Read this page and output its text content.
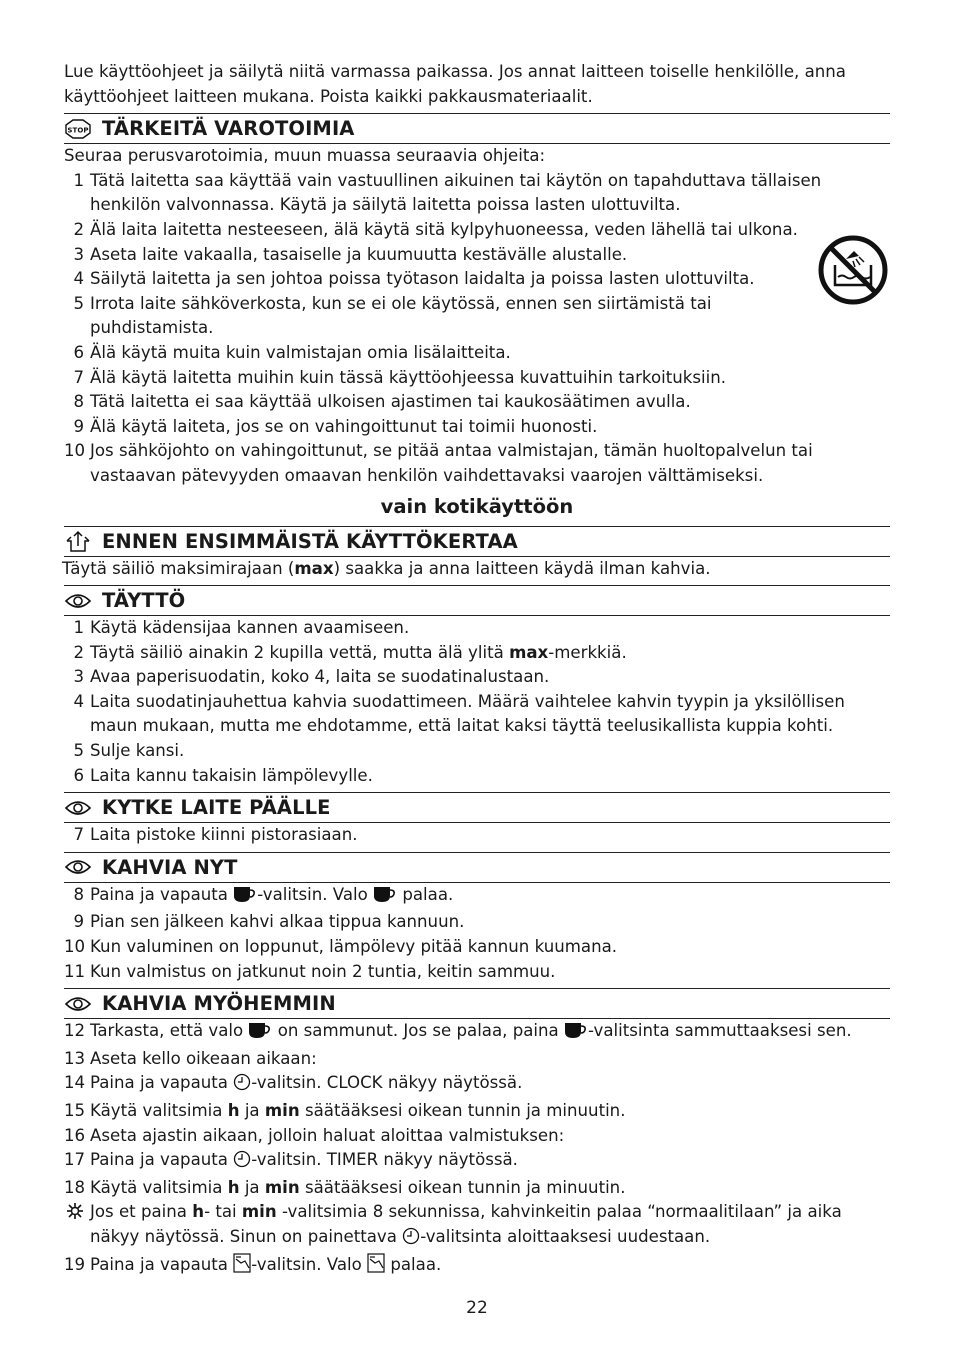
Lue käyttöohjeet ja säilytä niitä varmassa paikassa. Jos annat laitteen toiselle henkilölle, anna käyttöohjeet laitteen mukana. Poista kaikki pakkausmateriaalit.

STOP TÄRKEITÄ VAROTOIMIA

Seuraa perusvarotoimia, muun muassa seuraavia ohjeita:

1 Tätä laitetta saa käyttää vain vastuullinen aikuinen tai käytön on tapahduttava tällaisen henkilön valvonnassa. Käytä ja säilytä laitetta poissa lasten ulottuvilta.
2 Älä laita laitetta nesteeseen, älä käytä sitä kylpyhuoneessa, veden lähellä tai ulkona.
3 Aseta laite vakaalla, tasaiselle ja kuumuutta kestävälle alustalle.
4 Säilytä laitetta ja sen johtoa poissa työtason laidalta ja poissa lasten ulottuvilta.
5 Irrota laite sähköverkosta, kun se ei ole käytössä, ennen sen siirtämistä tai puhdistamista.
6 Älä käytä muita kuin valmistajan omia lisälaitteita.
7 Älä käytä laitetta muihin kuin tässä käyttöohjeessa kuvattuihin tarkoituksiin.
8 Tätä laitetta ei saa käyttää ulkoisen ajastimen tai kaukosäätimen avulla.
9 Älä käytä laiteta, jos se on vahingoittunut tai toimii huonosti.
10 Jos sähköjohto on vahingoittunut, se pitää antaa valmistajan, tämän huoltopalvelun tai vastaavan pätevyyden omaavan henkilön vaihdettavaksi vaarojen välttämiseksi.
vain kotikäyttöön
ENNEN ENSIMMÄISTÄ KÄYTTÖKERTAA

Täytä säiliö maksimirajaan (max) saakka ja anna laitteen käydä ilman kahvia.

TÄYTTÖ
1 Käytä kädensijaa kannen avaamiseen.
2 Täytä säiliö ainakin 2 kupilla vettä, mutta älä ylitä max-merkkiä.
3 Avaa paperisuodatin, koko 4, laita se suodatinalustaan.
4 Laita suodatinjauhettua kahvia suodattimeen. Määrä vaihtelee kahvin tyypin ja yksilöllisen maun mukaan, mutta me ehdotamme, että laitat kaksi täyttä teelusikallista kuppia kohti.
5 Sulje kansi.
6 Laita kannu takaisin lämpölevylle.
KYTKE LAITE PÄÄLLE
7 Laita pistoke kiinni pistorasiaan.
KAHVIA NYT
8 Paina ja vapauta -valitsin. Valo  palaa.
9 Pian sen jälkeen kahvi alkaa tippua kannuun.
10 Kun valuminen on loppunut, lämpölevy pitää kannun kuumana.
11 Kun valmistus on jatkunut noin 2 tuntia, keitin sammuu.
KAHVIA MYÖHEMMIN
12 Tarkasta, että valo  on sammunut. Jos se palaa, paina -valitsinta sammuttaaksesi sen.
13 Aseta kello oikeaan aikaan:
14 Paina ja vapauta -valitsin. CLOCK näkyy näytössä.
15 Käytä valitsimia h ja min säätääksesi oikean tunnin ja minuutin.
16 Aseta ajastin aikaan, jolloin haluat aloittaa valmistuksen:
17 Paina ja vapauta -valitsin. TIMER näkyy näytössä.
18 Käytä valitsimia h ja min säätääksesi oikean tunnin ja minuutin.
Jos et paina h- tai min -valitsimia 8 sekunnissa, kahvinkeitin palaa “normaalitilaan” ja aika näkyy näytössä. Sinun on painettava -valitsinta aloittaaksesi uudestaan.
19 Paina ja vapauta -valitsin. Valo  palaa.
22
